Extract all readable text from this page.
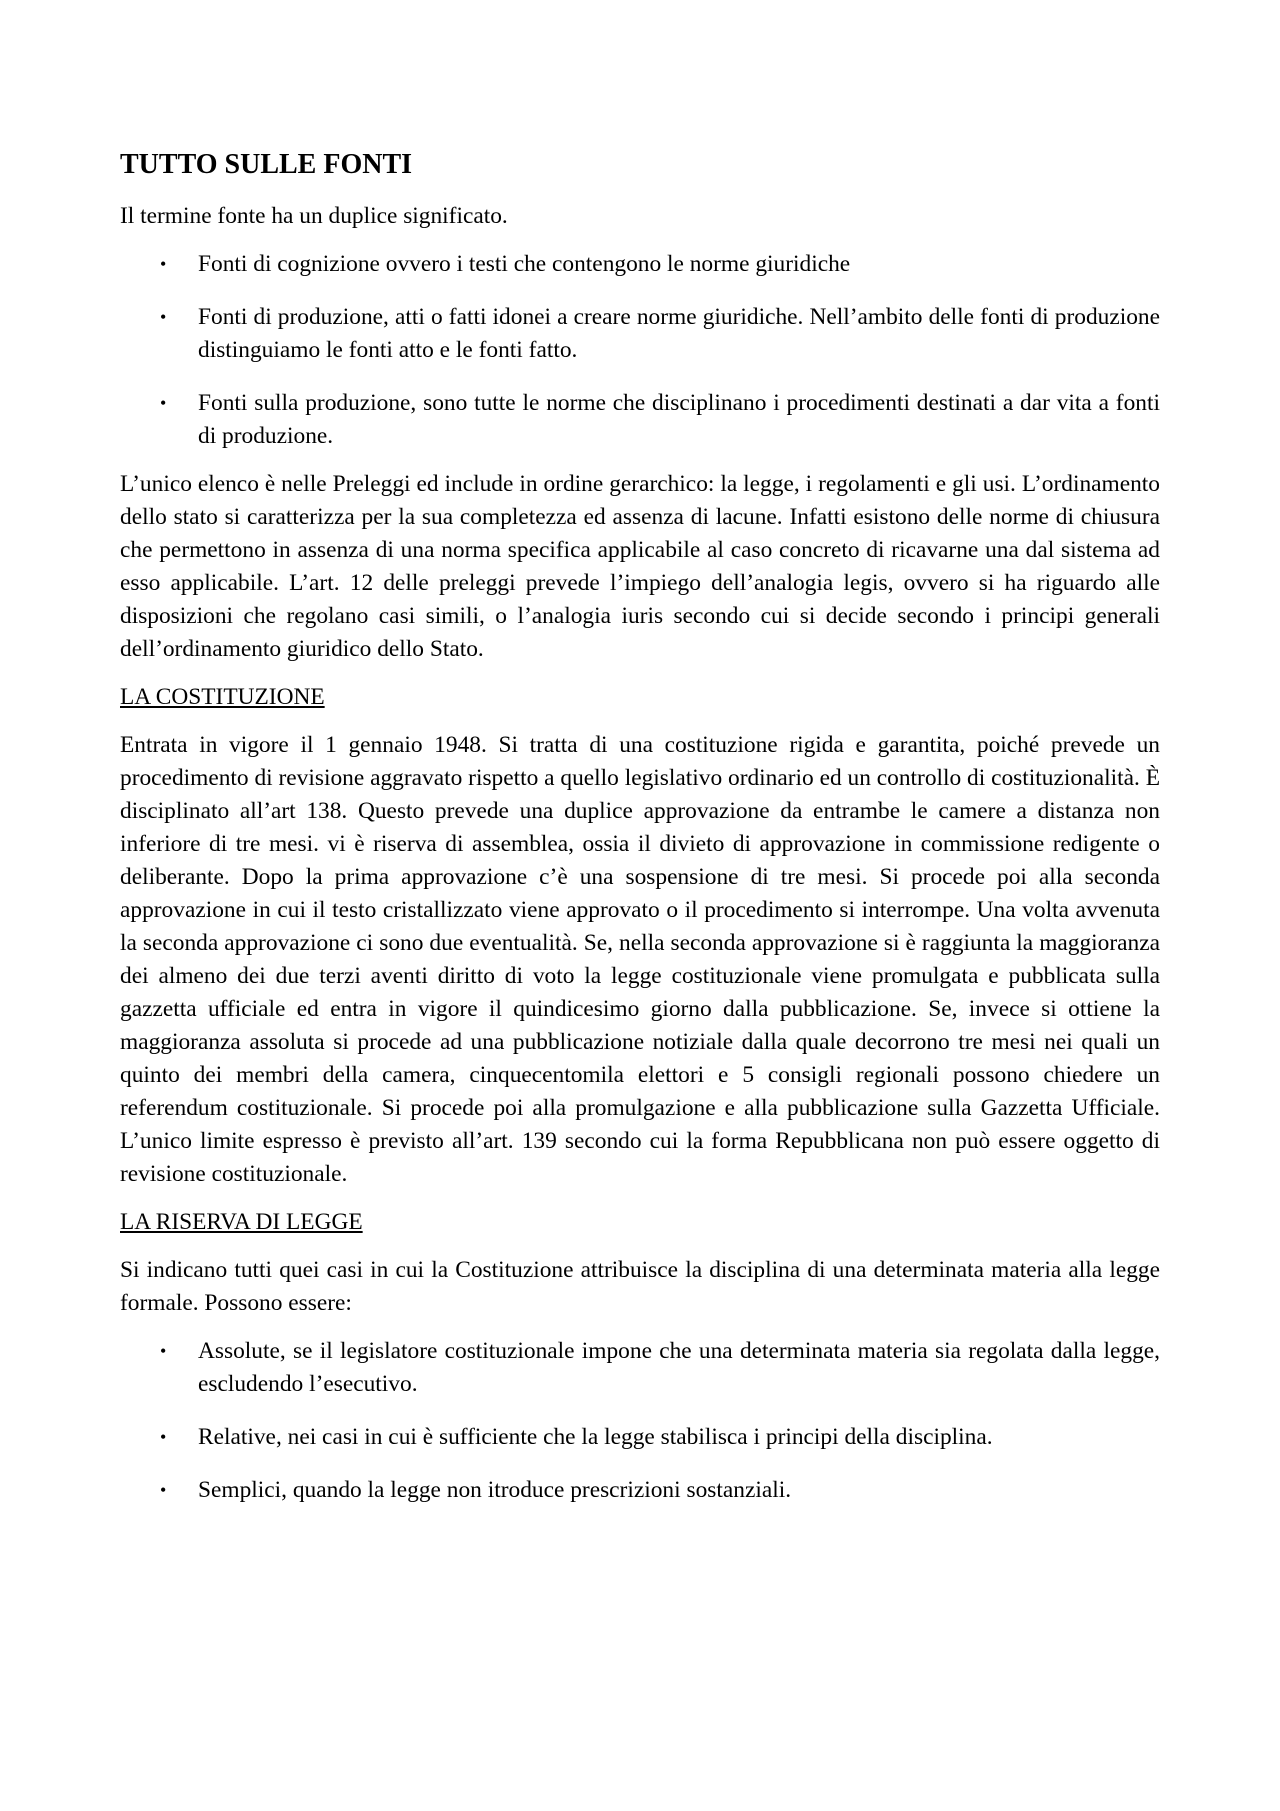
TUTTO SULLE FONTI

Il termine fonte ha un duplice significato.

• Fonti di cognizione ovvero i testi che contengono le norme giuridiche
• Fonti di produzione, atti o fatti idonei a creare norme giuridiche. Nell’ambito delle fonti di produzione distinguiamo le fonti atto e le fonti fatto.
• Fonti sulla produzione, sono tutte le norme che disciplinano i procedimenti destinati a dar vita a fonti di produzione.

L’unico elenco è nelle Preleggi ed include in ordine gerarchico: la legge, i regolamenti e gli usi. L’ordinamento dello stato si caratterizza per la sua completezza ed assenza di lacune. Infatti esistono delle norme di chiusura che permettono in assenza di una norma specifica applicabile al caso concreto di ricavarne una dal sistema ad esso applicabile. L’art. 12 delle preleggi prevede l’impiego dell’analogia legis, ovvero si ha riguardo alle disposizioni che regolano casi simili, o l’analogia iuris secondo cui si decide secondo i principi generali dell’ordinamento giuridico dello Stato.

LA COSTITUZIONE

Entrata in vigore il 1 gennaio 1948. Si tratta di una costituzione rigida e garantita, poiché prevede un procedimento di revisione aggravato rispetto a quello legislativo ordinario ed un controllo di costituzionalità. È disciplinato all’art 138. Questo prevede una duplice approvazione da entrambe le camere a distanza non inferiore di tre mesi. vi è riserva di assemblea, ossia il divieto di approvazione in commissione redigente o deliberante. Dopo la prima approvazione c’è una sospensione di tre mesi. Si procede poi alla seconda approvazione in cui il testo cristallizzato viene approvato o il procedimento si interrompe. Una volta avvenuta la seconda approvazione ci sono due eventualità. Se, nella seconda approvazione si è raggiunta la maggioranza dei almeno dei due terzi aventi diritto di voto la legge costituzionale viene promulgata e pubblicata sulla gazzetta ufficiale ed entra in vigore il quindicesimo giorno dalla pubblicazione. Se, invece si ottiene la maggioranza assoluta si procede ad una pubblicazione notiziale dalla quale decorrono tre mesi nei quali un quinto dei membri della camera, cinquecentomila elettori e 5 consigli regionali possono chiedere un referendum costituzionale. Si procede poi alla promulgazione e alla pubblicazione sulla Gazzetta Ufficiale. L’unico limite espresso è previsto all’art. 139 secondo cui la forma Repubblicana non può essere oggetto di revisione costituzionale.

LA RISERVA DI LEGGE

Si indicano tutti quei casi in cui la Costituzione attribuisce la disciplina di una determinata materia alla legge formale. Possono essere:

• Assolute, se il legislatore costituzionale impone che una determinata materia sia regolata dalla legge, escludendo l’esecutivo.
• Relative, nei casi in cui è sufficiente che la legge stabilisca i principi della disciplina.
• Semplici, quando la legge non itroduce prescrizioni sostanziali.
